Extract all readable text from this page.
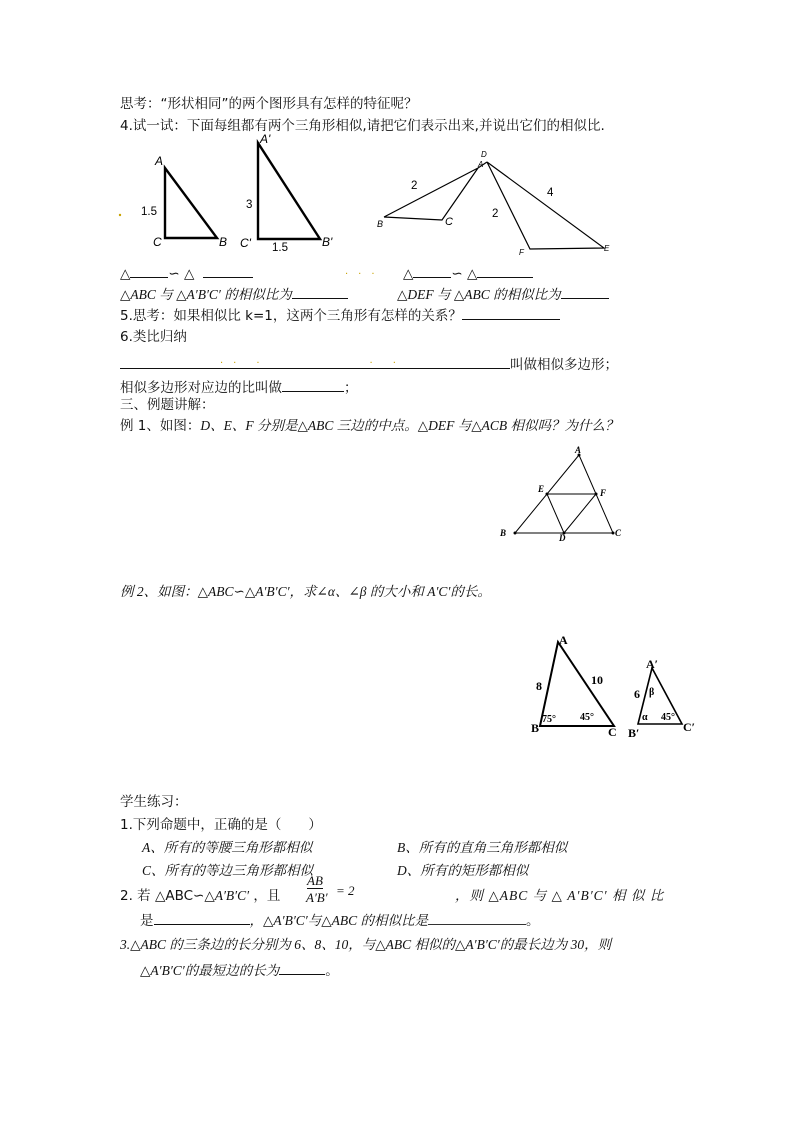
思考：“形状相同”的两个图形具有怎样的特征呢？
4.试一试：下面每组都有两个三角形相似,请把它们表示出来,并说出它们的相似比.
A
B
C
1.5
A'
B'
C'
3
1.5
B	C
A
D
F	E
2
2
4
△	∽ △	.　.　. △	∽ △
△ABC 与 △A′B′C′ 的相似比为	△DEF 与 △ABC 的相似比为
5.思考：如果相似比 k=1，这两个三角形有怎样的关系？
6.类比归纳
叫做相似多边形；
.　.　　.　　　　　　　　　　　.　　.
相似多边形对应边的比叫做	；
三、例题讲解：
例 1、如图：D、E、F 分别是△ABC 三边的中点。△DEF 与△ACB 相似吗？为什么？
A
B	C
D
E	F
例 2、如图：△ABC∽△A′B′C′，求∠α、∠β 的大小和 A′C′的长。
A
B	C
8	10
75° 45°
A′
B′	C′
6 β
α 45°
学生练习：
1.下列命题中，正确的是（　　）
A、所有的等腰三角形都相似	B、所有的直角三角形都相似
C、所有的等边三角形都相似	D、所有的矩形都相似
2. 若 △ABC∽△A′B′C′ ，且
AB
A′B′ = 2	，则 △ABC 与 △ A′B′C′ 相 似 比
是	，△A′B′C′与△ABC 的相似比是	。
3.△ABC 的三条边的长分别为 6、8、10，与△ABC 相似的△A′B′C′的最长边为 30，则
△A′B′C′的最短边的长为	。
